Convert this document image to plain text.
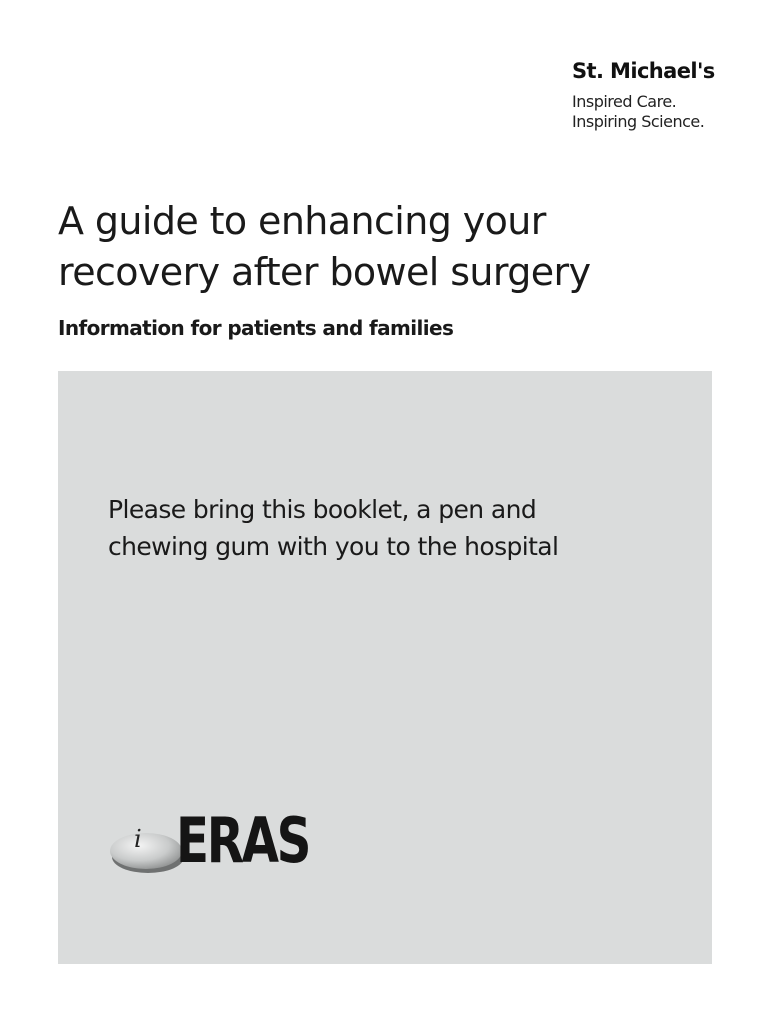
St. Michael's
Inspired Care.
Inspiring Science.
A guide to enhancing your
recovery after bowel surgery
Information for patients and families
Please bring this booklet, a pen and
chewing gum with you to the hospital
i ERAS
